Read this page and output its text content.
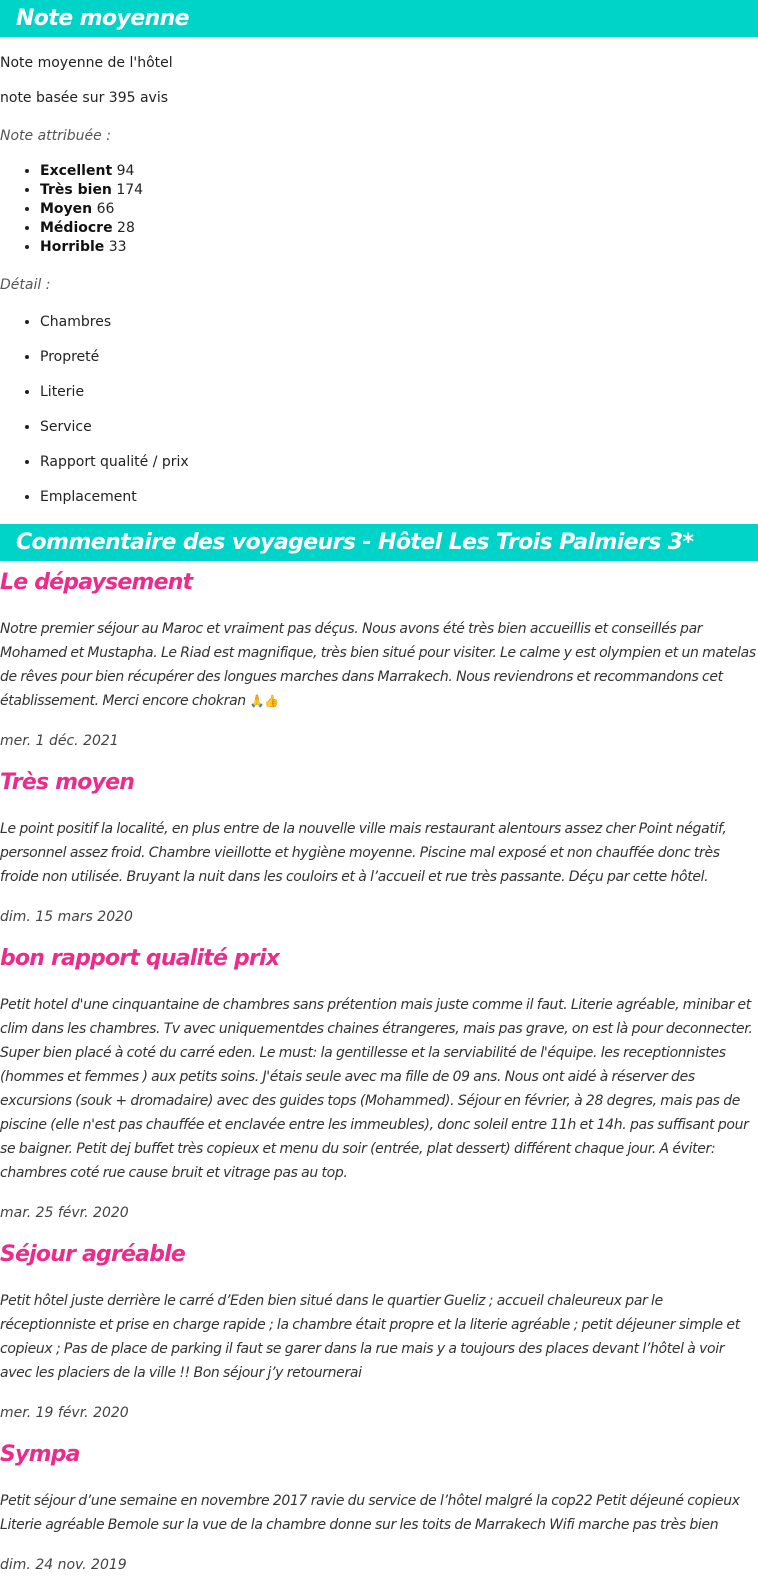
Note moyenne

Note moyenne de l'hôtel

note basée sur 395 avis

Note attribuée :

• Excellent 94
• Très bien 174
• Moyen 66
• Médiocre 28
• Horrible 33

Détail :

• Chambres
• Propreté
• Literie
• Service
• Rapport qualité / prix
• Emplacement
Commentaire des voyageurs - Hôtel Les Trois Palmiers 3*
Le dépaysement
Notre premier séjour au Maroc et vraiment pas déçus. Nous avons été très bien accueillis et conseillés par Mohamed et Mustapha. Le Riad est magnifique, très bien situé pour visiter. Le calme y est olympien et un matelas de rêves pour bien récupérer des longues marches dans Marrakech. Nous reviendrons et recommandons cet établissement. Merci encore chokran 🙏👍
mer. 1 déc. 2021
Très moyen
Le point positif la localité, en plus entre de la nouvelle ville mais restaurant alentours assez cher Point négatif, personnel assez froid. Chambre vieillotte et hygiène moyenne. Piscine mal exposé et non chauffée donc très froide non utilisée. Bruyant la nuit dans les couloirs et à l’accueil et rue très passante. Déçu par cette hôtel.
dim. 15 mars 2020
bon rapport qualité prix
Petit hotel d'une cinquantaine de chambres sans prétention mais juste comme il faut. Literie agréable, minibar et clim dans les chambres. Tv avec uniquementdes chaines étrangeres, mais pas grave, on est là pour deconnecter. Super bien placé à coté du carré eden. Le must: la gentillesse et la serviabilité de l'équipe. les receptionnistes (hommes et femmes ) aux petits soins. J'étais seule avec ma fille de 09 ans. Nous ont aidé à réserver des excursions (souk + dromadaire) avec des guides tops (Mohammed). Séjour en février, à 28 degres, mais pas de piscine (elle n'est pas chauffée et enclavée entre les immeubles), donc soleil entre 11h et 14h. pas suffisant pour se baigner. Petit dej buffet très copieux et menu du soir (entrée, plat dessert) différent chaque jour. A éviter: chambres coté rue cause bruit et vitrage pas au top.
mar. 25 févr. 2020
Séjour agréable
Petit hôtel juste derrière le carré d’Eden bien situé dans le quartier Gueliz ; accueil chaleureux par le réceptionniste et prise en charge rapide ; la chambre était propre et la literie agréable ; petit déjeuner simple et copieux ; Pas de place de parking il faut se garer dans la rue mais y a toujours des places devant l’hôtel à voir avec les placiers de la ville !! Bon séjour j’y retournerai
mer. 19 févr. 2020
Sympa
Petit séjour d’une semaine en novembre 2017 ravie du service de l’hôtel malgré la cop22 Petit déjeuné copieux Literie agréable Bemole sur la vue de la chambre donne sur les toits de Marrakech Wifi marche pas très bien
dim. 24 nov. 2019
